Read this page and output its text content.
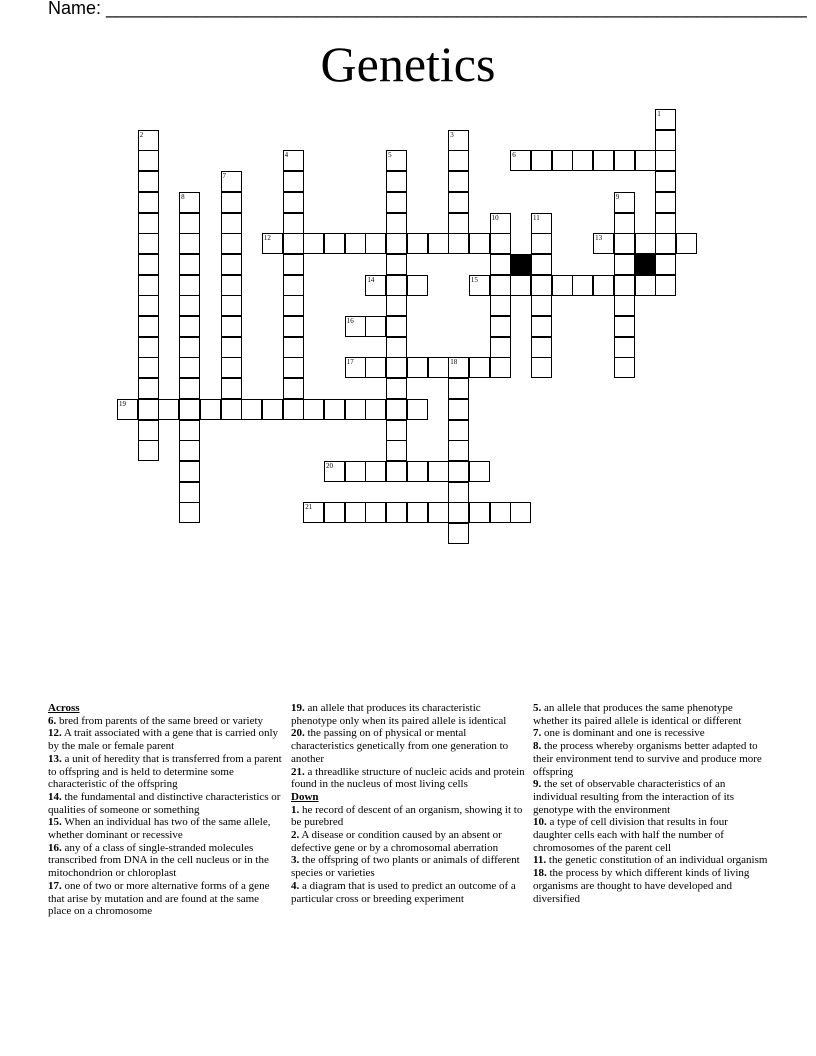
Name: ______________________________________________________________________
Genetics
1
2	3
4	5	6
7
8	9
10	11
12	13
14	15
16
17	18
19
20
21
Across
6. bred from parents of the same breed or variety
12. A trait associated with a gene that is carried only by the male or female parent
13. a unit of heredity that is transferred from a parent to offspring and is held to determine some characteristic of the offspring
14. the fundamental and distinctive characteristics or qualities of someone or something
15. When an individual has two of the same allele, whether dominant or recessive
16. any of a class of single-stranded molecules transcribed from DNA in the cell nucleus or in the mitochondrion or chloroplast
17. one of two or more alternative forms of a gene that arise by mutation and are found at the same place on a chromosome
19. an allele that produces its characteristic phenotype only when its paired allele is identical
20. the passing on of physical or mental characteristics genetically from one generation to another
21. a threadlike structure of nucleic acids and protein found in the nucleus of most living cells
Down
1. he record of descent of an organism, showing it to be purebred
2. A disease or condition caused by an absent or defective gene or by a chromosomal aberration
3. the offspring of two plants or animals of different species or varieties
4. a diagram that is used to predict an outcome of a particular cross or breeding experiment
5. an allele that produces the same phenotype whether its paired allele is identical or different
7. one is dominant and one is recessive
8. the process whereby organisms better adapted to their environment tend to survive and produce more offspring
9. the set of observable characteristics of an individual resulting from the interaction of its genotype with the environment
10. a type of cell division that results in four daughter cells each with half the number of chromosomes of the parent cell
11. the genetic constitution of an individual organism
18. the process by which different kinds of living organisms are thought to have developed and diversified
